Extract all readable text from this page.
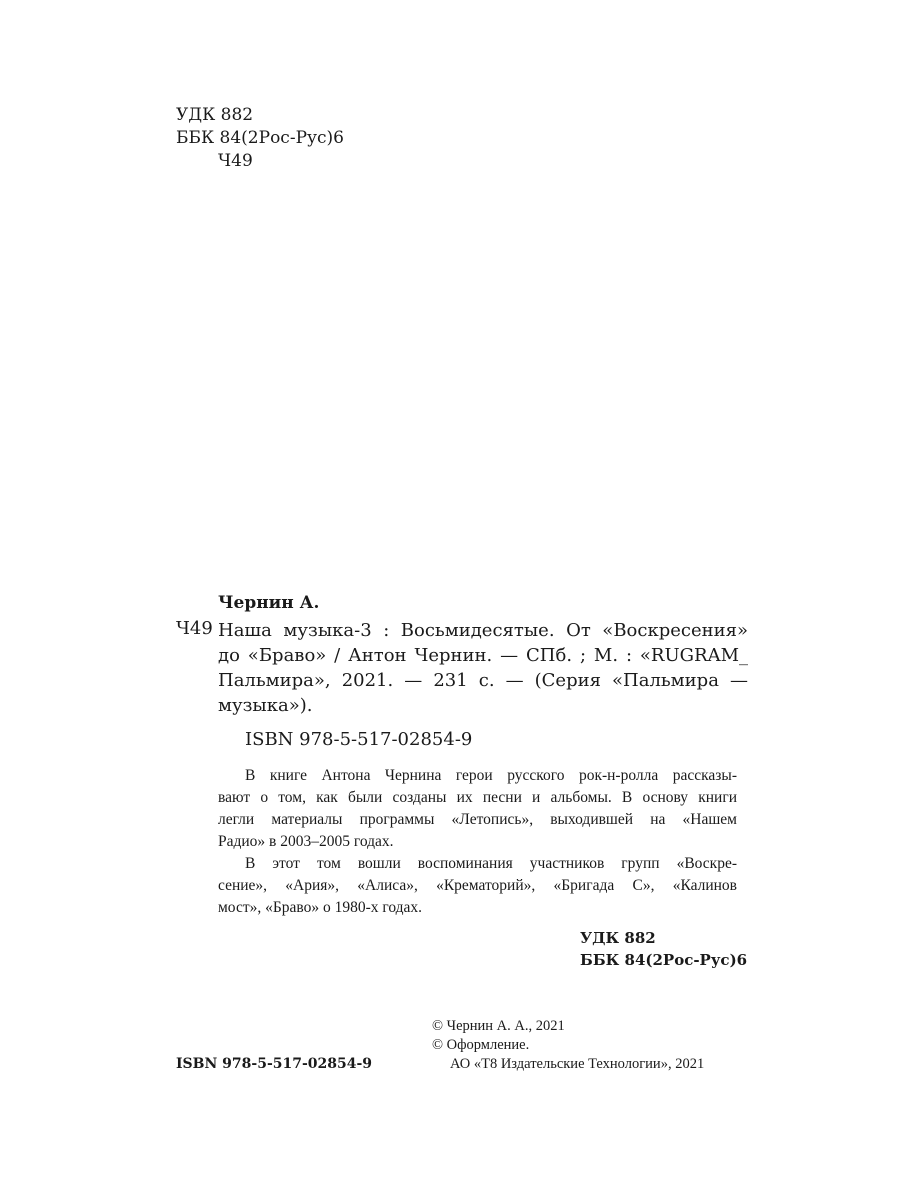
УДК 882
ББК 84(2Рос-Рус)6
Ч49
Чернин А.
Ч49 Наша музыка-3 : Восьмидесятые. От «Воскресения»
до «Браво» / Антон Чернин. — СПб. ; М. : «RUGRAM_
Пальмира», 2021. — 231 с. — (Серия «Пальмира —
музыка»).
ISBN 978-5-517-02854-9
В книге Антона Чернина герои русского рок-н-ролла рассказы-
вают о том, как были созданы их песни и альбомы. В основу книги
легли материалы программы «Летопись», выходившей на «Нашем
Радио» в 2003–2005 годах.
В этот том вошли воспоминания участников групп «Воскре-
сение», «Ария», «Алиса», «Крематорий», «Бригада С», «Калинов
мост», «Браво» о 1980-х годах.
УДК 882
ББК 84(2Рос-Рус)6
© Чернин А. А., 2021
© Оформление.
АО «Т8 Издательские Технологии», 2021
ISBN 978-5-517-02854-9
